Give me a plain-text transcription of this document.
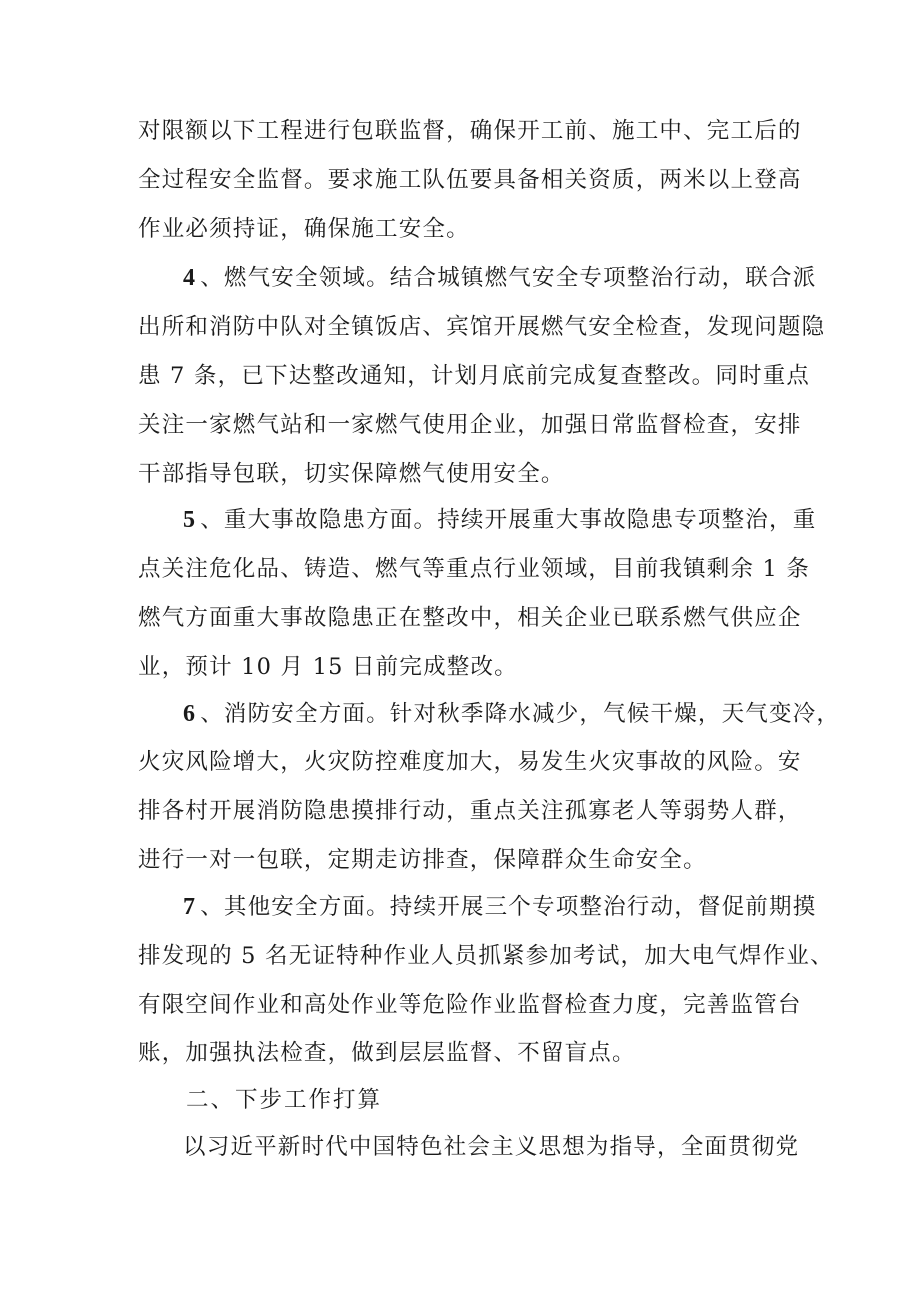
对限额以下工程进行包联监督，确保开工前、施工中、完工后的
全过程安全监督。要求施工队伍要具备相关资质，两米以上登高
作业必须持证，确保施工安全。
4 、燃气安全领域。结合城镇燃气安全专项整治行动，联合派
出所和消防中队对全镇饭店、宾馆开展燃气安全检查，发现问题隐
患 7 条，已下达整改通知，计划月底前完成复查整改。同时重点
关注一家燃气站和一家燃气使用企业，加强日常监督检查，安排
干部指导包联，切实保障燃气使用安全。
5 、重大事故隐患方面。持续开展重大事故隐患专项整治，重
点关注危化品、铸造、燃气等重点行业领域，目前我镇剩余 1 条
燃气方面重大事故隐患正在整改中，相关企业已联系燃气供应企
业，预计 10 月 15 日前完成整改。
6 、消防安全方面。针对秋季降水减少，气候干燥，天气变冷，
火灾风险增大，火灾防控难度加大，易发生火灾事故的风险。安
排各村开展消防隐患摸排行动，重点关注孤寡老人等弱势人群，
进行一对一包联，定期走访排查，保障群众生命安全。
7 、其他安全方面。持续开展三个专项整治行动，督促前期摸
排发现的 5 名无证特种作业人员抓紧参加考试，加大电气焊作业、
有限空间作业和高处作业等危险作业监督检查力度，完善监管台
账，加强执法检查，做到层层监督、不留盲点。
二、下步工作打算
以习近平新时代中国特色社会主义思想为指导，全面贯彻党
